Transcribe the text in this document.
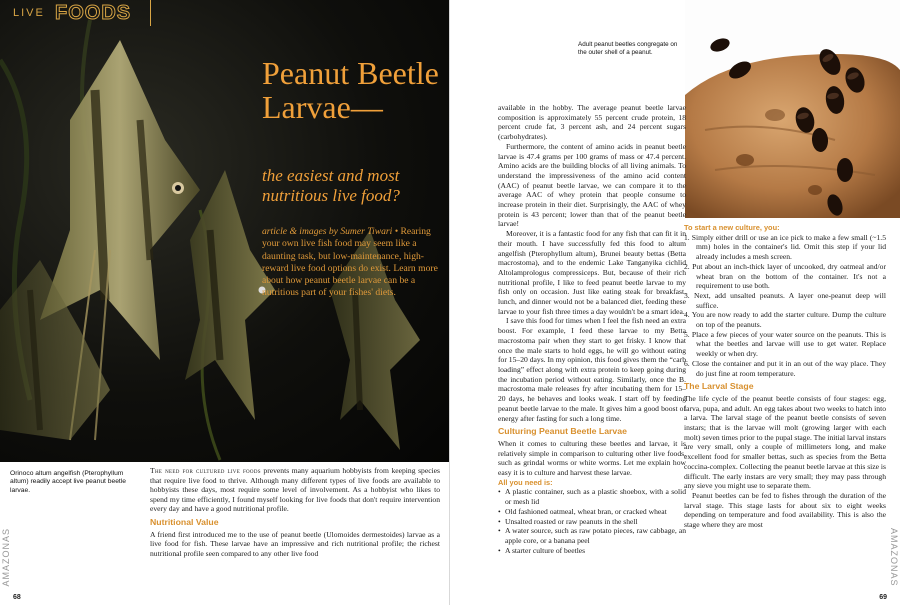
LIVE FOODS
Peanut Beetle Larvae—
the easiest and most nutritious live food?
article & images by Sumer Tiwari • Rearing your own live fish food may seem like a daunting task, but low-maintenance, high-reward live food options do exist. Learn more about how peanut beetle larvae can be a nutritious part of your fishes' diets.
Orinoco altum angelfish (Pterophyllum altum) readily accept live peanut beetle larvae.

The need for cultured live foods prevents many aquarium hobbyists from keeping species that require live food to thrive. Although many different types of live foods are available to hobbyists these days, most require some level of involvement. As a hobbyist who likes to spend my time efficiently, I found myself looking for live foods that don't require intervention every day and have a good nutritional profile.

Nutritional Value

A friend first introduced me to the use of peanut beetle (Ulomoides dermestoides) larvae as a live food for fish. These larvae have an impressive and rich nutritional profile; the richest nutritional profile seen compared to any other live food

AMAZONAS
68
Adult peanut beetles congregate on the outer shell of a peanut.

available in the hobby. The average peanut beetle larvae composition is approximately 55 percent crude protein, 18 percent crude fat, 3 percent ash, and 24 percent sugars (carbohydrates).

Furthermore, the content of amino acids in peanut beetle larvae is 47.4 grams per 100 grams of mass or 47.4 percent. Amino acids are the building blocks of all living animals. To understand the impressiveness of the amino acid content (AAC) of peanut beetle larvae, we can compare it to the average AAC of whey protein that people consume to increase protein in their diet. Surprisingly, the AAC of whey protein is 43 percent; lower than that of the peanut beetle larvae!

Moreover, it is a fantastic food for any fish that can fit it in their mouth. I have successfully fed this food to altum angelfish (Pterophyllum altum), Brunei beauty bettas (Betta macrostoma), and to the endemic Lake Tanganyika cichlid Altolamprologus compressiceps. But, because of their rich nutritional profile, I like to feed peanut beetle larvae to my fish only on occasion. Just like eating steak for breakfast, lunch, and dinner would not be a balanced diet, feeding these larvae to your fish three times a day wouldn't be a smart idea.

I save this food for times when I feel the fish need an extra boost. For example, I feed these larvae to my Betta macrostoma pair when they start to get frisky. I know that once the male starts to hold eggs, he will go without eating for 15–20 days. In my opinion, this food gives them the “carb loading” effect along with extra protein to keep going during the incubation period without eating. Similarly, once the B. macrostoma male releases fry after incubating them for 15–20 days, he behaves and looks weak. I start off by feeding peanut beetle larvae to the male. It gives him a good boost of energy after fasting for such a long time.

Culturing Peanut Beetle Larvae

When it comes to culturing these beetles and larvae, it is relatively simple in comparison to culturing other live foods, such as grindal worms or white worms. Let me explain how easy it is to culture and harvest these larvae.

All you need is:
• A plastic container, such as a plastic shoebox, with a solid or mesh lid
• Old fashioned oatmeal, wheat bran, or cracked wheat
• Unsalted roasted or raw peanuts in the shell
• A water source, such as raw potato pieces, raw cabbage, an apple core, or a banana peel
• A starter culture of beetles
To start a new culture, you:
1. Simply either drill or use an ice pick to make a few small (~1.5 mm) holes in the container's lid. Omit this step if your lid already includes a mesh screen.
2. Put about an inch-thick layer of uncooked, dry oatmeal and/or wheat bran on the bottom of the container. It's not a requirement to use both.
3. Next, add unsalted peanuts. A layer one-peanut deep will suffice.
4. You are now ready to add the starter culture. Dump the culture on top of the peanuts.
5. Place a few pieces of your water source on the peanuts. This is what the beetles and larvae will use to get water. Replace weekly or when dry.
6. Close the container and put it in an out of the way place. They do just fine at room temperature.
The Larval Stage

The life cycle of the peanut beetle consists of four stages: egg, larva, pupa, and adult. An egg takes about two weeks to hatch into a larva. The larval stage of the peanut beetle consists of seven instars; that is the larvae will molt (growing larger with each molt) seven times prior to the pupal stage. The initial larval instars are very small, only a couple of millimeters long, and make excellent food for smaller bettas, such as species from the Betta coccina-complex. Collecting the peanut beetle larvae at this size is difficult. The early instars are very small; they may pass through any sieve you might use to separate them.

Peanut beetles can be fed to fishes through the duration of the larval stage. This stage lasts for about six to eight weeks depending on temperature and food availability. This is also the stage where they are most

AMAZONAS
69
